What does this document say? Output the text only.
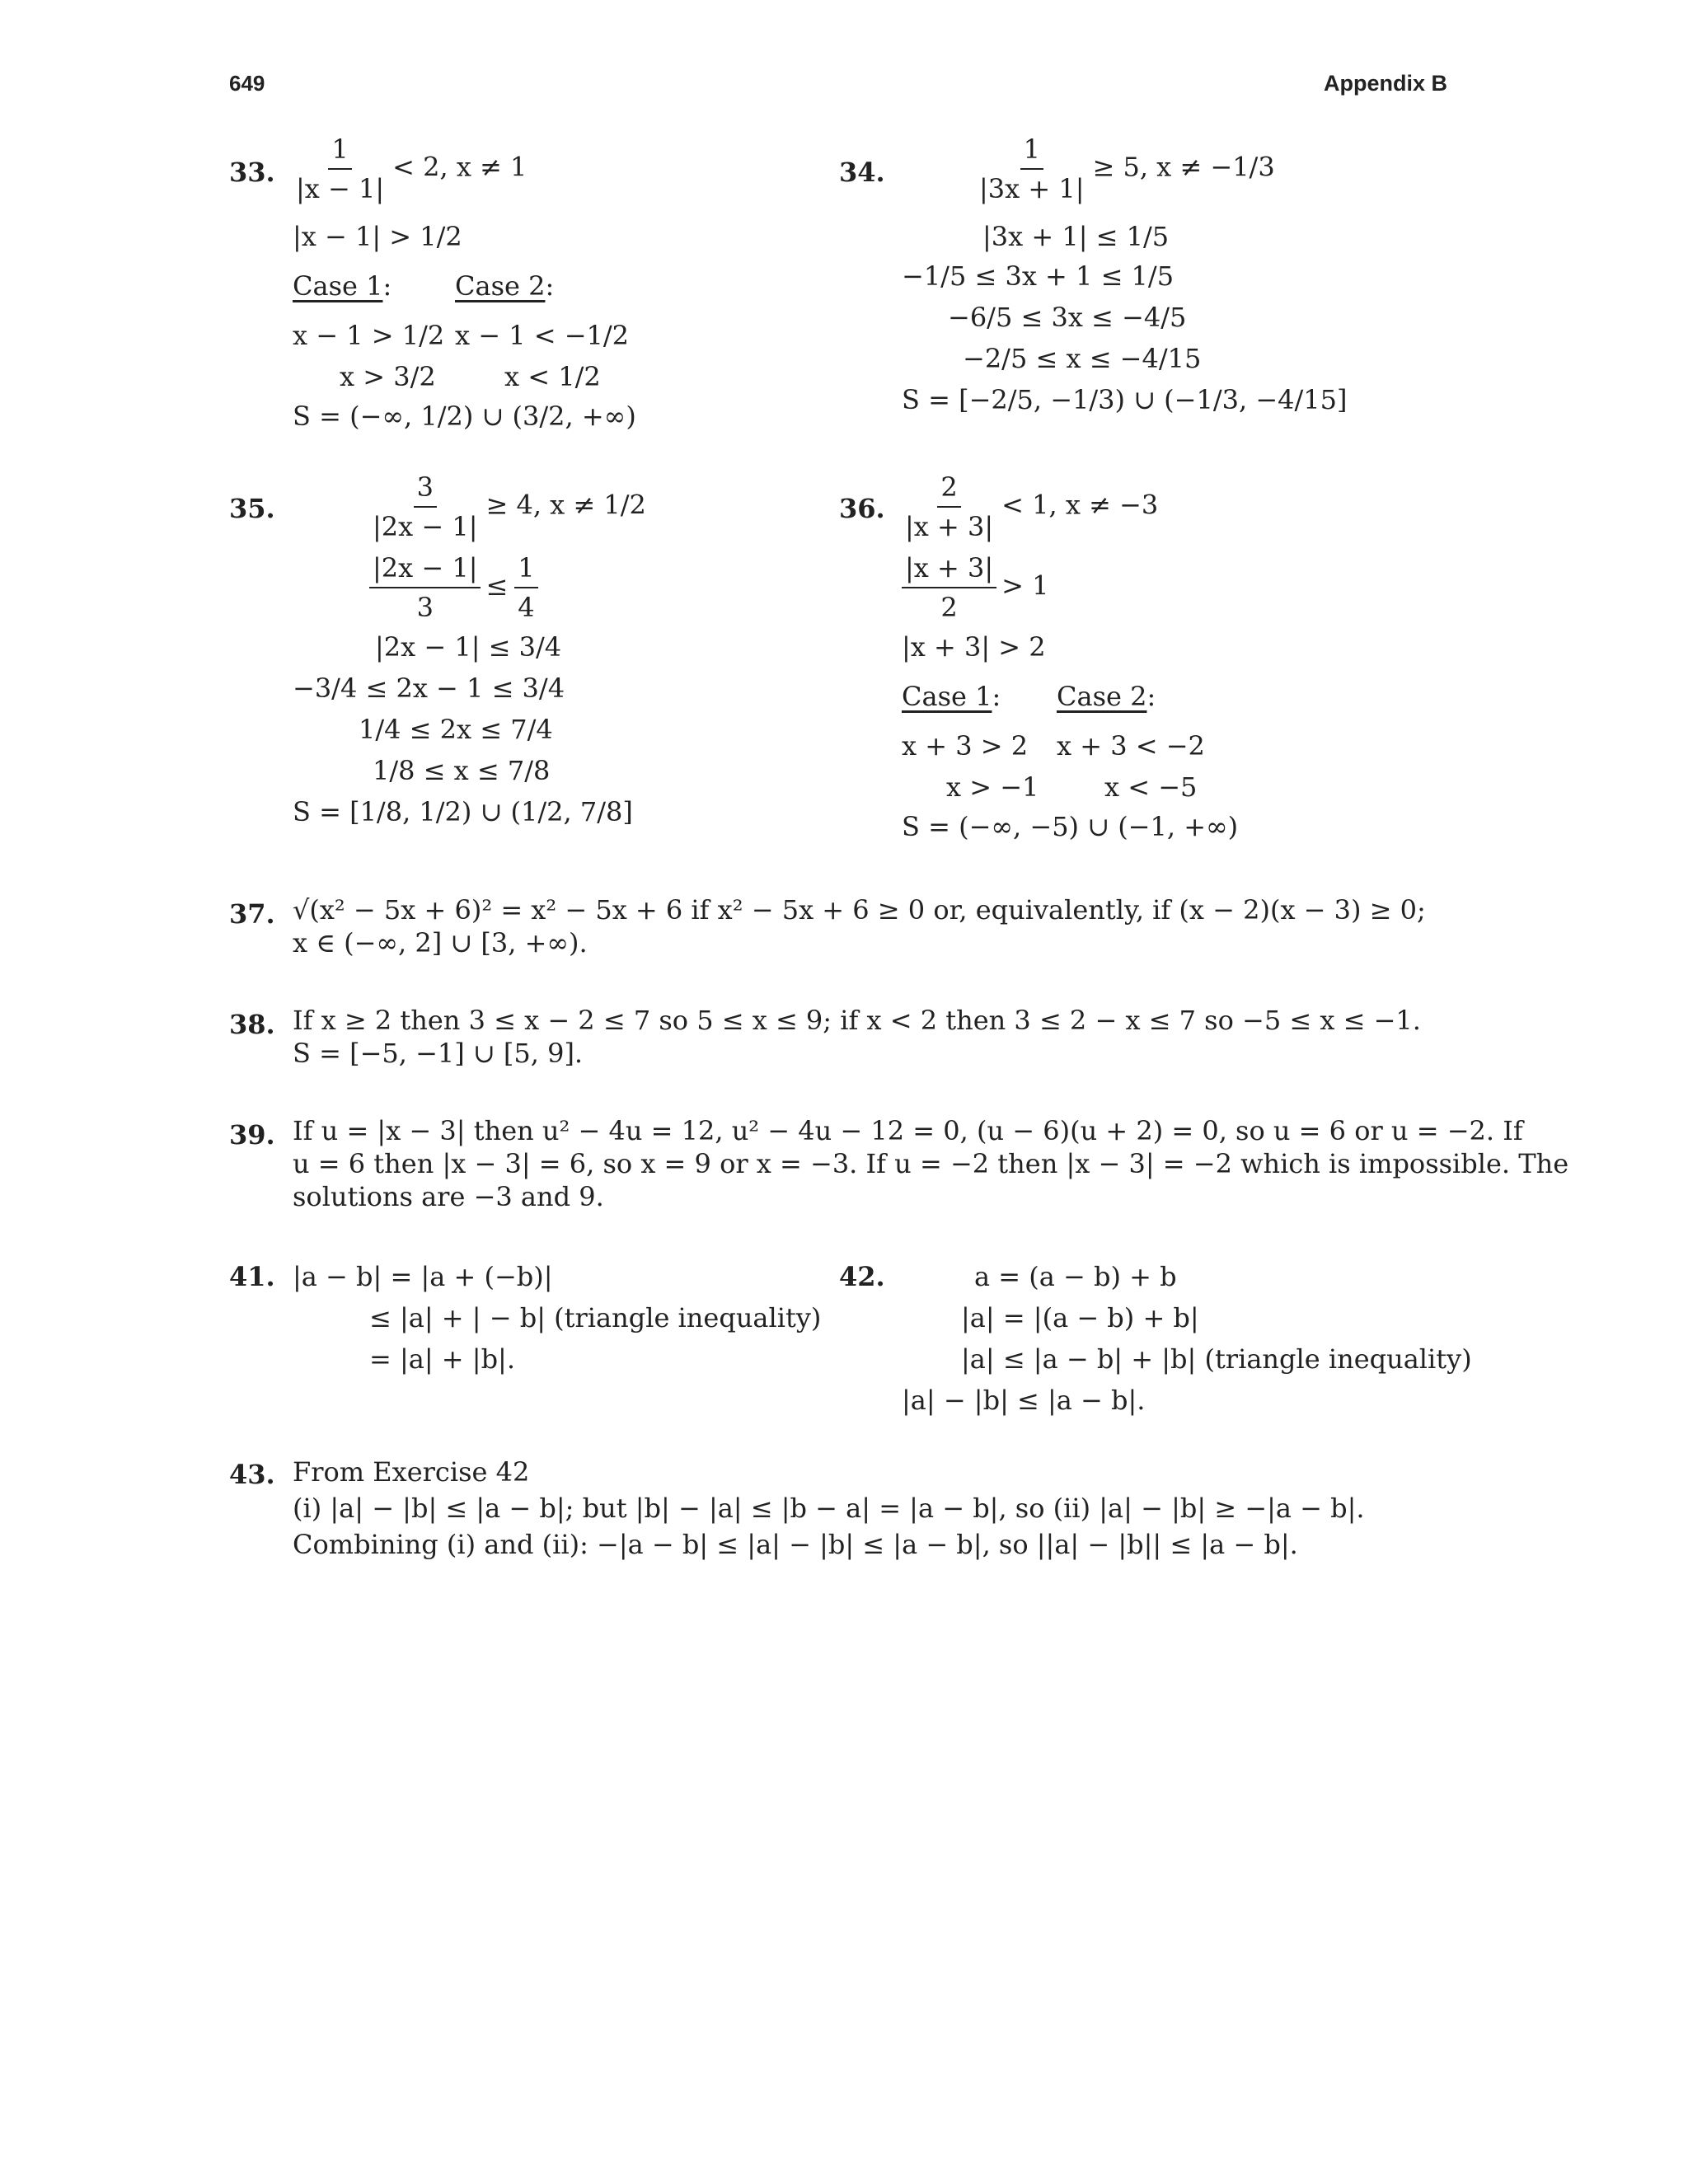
649	Appendix B
33. $\frac{1}{|x - 1|} < 2$, x ≠ 1
|x − 1| > 1/2
Case 1: Case 2:
x − 1 > 1/2 x − 1 < −1/2
x > 3/2	x < 1/2
S = (−∞, 1/2) ∪ (3/2, +∞)
34.	$\frac{1}{|3x + 1|} \ge 5$, x ≠ −1/3
|3x + 1| ≤ 1/5
−1/5 ≤ 3x + 1 ≤ 1/5
−6/5 ≤ 3x ≤ −4/5
−2/5 ≤ x ≤ −4/15
S = [−2/5, −1/3) ∪ (−1/3, −4/15]
35.	$\frac{3}{|2x - 1|} \ge 4$, x ≠ 1/2
$\frac{|2x - 1|}{3} \le \frac{1}{4}$
|2x − 1| ≤ 3/4
−3/4 ≤ 2x − 1 ≤ 3/4
1/4 ≤ 2x ≤ 7/4
1/8 ≤ x ≤ 7/8
S = [1/8, 1/2) ∪ (1/2, 7/8]
36. $\frac{2}{|x + 3|} < 1$, x ≠ −3
$\frac{|x + 3|}{2} > 1$
|x + 3| > 2
Case 1: Case 2:
x + 3 > 2 x + 3 < −2
x > −1 x < −5
S = (−∞, −5) ∪ (−1, +∞)
37. √(x² − 5x + 6)² = x² − 5x + 6 if x² − 5x + 6 ≥ 0 or, equivalently, if (x − 2)(x − 3) ≥ 0;
x ∈ (−∞, 2] ∪ [3, +∞).
38. If x ≥ 2 then 3 ≤ x − 2 ≤ 7 so 5 ≤ x ≤ 9; if x < 2 then 3 ≤ 2 − x ≤ 7 so −5 ≤ x ≤ −1.
S = [−5, −1] ∪ [5, 9].
39. If u = |x − 3| then u² − 4u = 12, u² − 4u − 12 = 0, (u − 6)(u + 2) = 0, so u = 6 or u = −2. If
u = 6 then |x − 3| = 6, so x = 9 or x = −3. If u = −2 then |x − 3| = −2 which is impossible. The
solutions are −3 and 9.
41. |a − b| = |a + (−b)|
≤ |a| + | − b| (triangle inequality)
= |a| + |b|.
42.	a = (a − b) + b
|a| = |(a − b) + b|
|a| ≤ |a − b| + |b| (triangle inequality)
|a| − |b| ≤ |a − b|.
43. From Exercise 42
(i) |a| − |b| ≤ |a − b|; but |b| − |a| ≤ |b − a| = |a − b|, so (ii) |a| − |b| ≥ −|a − b|.
Combining (i) and (ii): −|a − b| ≤ |a| − |b| ≤ |a − b|, so ||a| − |b|| ≤ |a − b|.
